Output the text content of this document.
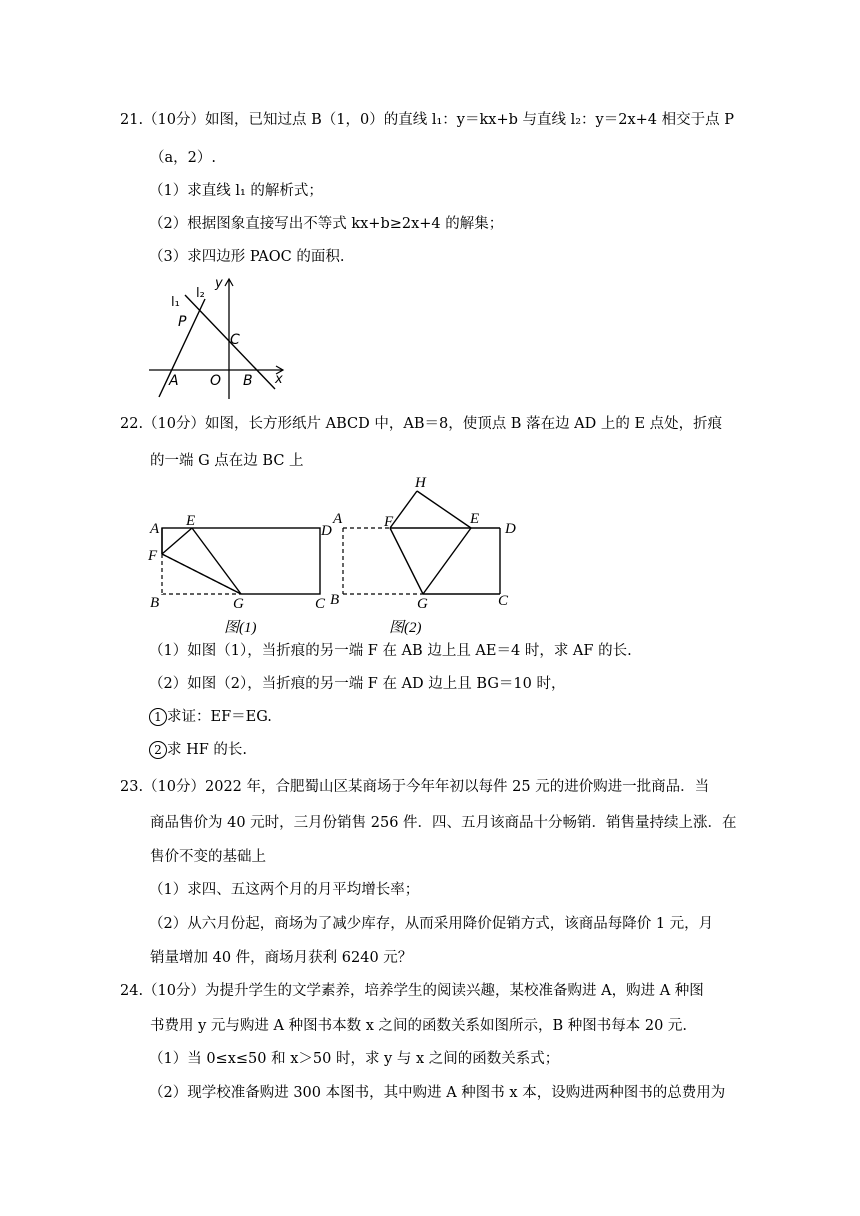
21.（10分）如图，已知过点 B（1，0）的直线 l₁：y＝kx+b 与直线 l₂：y＝2x+4 相交于点 P
（a，2）.
（1）求直线 l₁ 的解析式；
（2）根据图象直接写出不等式 kx+b≥2x+4 的解集；
（3）求四边形 PAOC 的面积.
l₁
l₂
y
x
P
C
A O B
22.（10分）如图，长方形纸片 ABCD 中，AB＝8，使顶点 B 落在边 AD 上的 E 点处，折痕
的一端 G 点在边 BC 上
A E
D
F
B	G	C
图(1)
H
A	F	E
D
B	G	C
图(2)
（1）如图（1），当折痕的另一端 F 在 AB 边上且 AE＝4 时，求 AF 的长.
（2）如图（2），当折痕的另一端 F 在 AD 边上且 BG＝10 时，
1 求证：EF＝EG.
2 求 HF 的长.
23.（10分）2022 年，合肥蜀山区某商场于今年年初以每件 25 元的进价购进一批商品．当
商品售价为 40 元时，三月份销售 256 件．四、五月该商品十分畅销．销售量持续上涨．在
售价不变的基础上
（1）求四、五这两个月的月平均增长率；
（2）从六月份起，商场为了减少库存，从而采用降价促销方式，该商品每降价 1 元，月
销量增加 40 件，商场月获利 6240 元？
24.（10分）为提升学生的文学素养，培养学生的阅读兴趣，某校准备购进 A，购进 A 种图
书费用 y 元与购进 A 种图书本数 x 之间的函数关系如图所示，B 种图书每本 20 元.
（1）当 0≤x≤50 和 x＞50 时，求 y 与 x 之间的函数关系式；
（2）现学校准备购进 300 本图书，其中购进 A 种图书 x 本，设购进两种图书的总费用为
